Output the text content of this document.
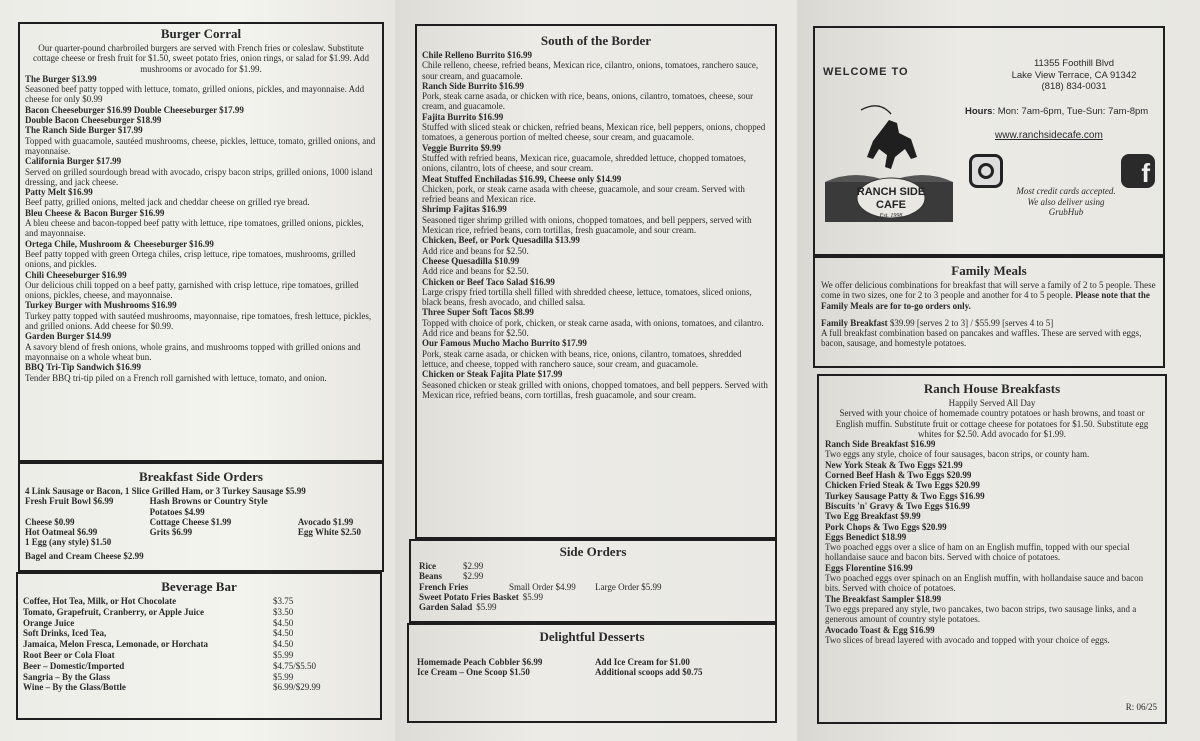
Burger Corral
Our quarter-pound charbroiled burgers are served with French fries or coleslaw. Substitute cottage cheese or fresh fruit for $1.50, sweet potato fries, onion rings, or salad for $1.99. Add mushrooms or avocado for $1.99.
The Burger $13.99
Seasoned beef patty topped with lettuce, tomato, grilled onions, pickles, and mayonnaise. Add cheese for only $0.99
Bacon Cheeseburger $16.99 Double Cheeseburger $17.99
Double Bacon Cheeseburger $18.99
The Ranch Side Burger $17.99
Topped with guacamole, sautéed mushrooms, cheese, pickles, lettuce, tomato, grilled onions, and mayonnaise.
California Burger $17.99
Served on grilled sourdough bread with avocado, crispy bacon strips, grilled onions, 1000 island dressing, and jack cheese.
Patty Melt $16.99
Beef patty, grilled onions, melted jack and cheddar cheese on grilled rye bread.
Bleu Cheese & Bacon Burger $16.99
A bleu cheese and bacon-topped beef patty with lettuce, ripe tomatoes, grilled onions, pickles, and mayonnaise.
Ortega Chile, Mushroom & Cheeseburger $16.99
Beef patty topped with green Ortega chiles, crisp lettuce, ripe tomatoes, mushrooms, grilled onions, and pickles.
Chili Cheeseburger $16.99
Our delicious chili topped on a beef patty, garnished with crisp lettuce, ripe tomatoes, grilled onions, pickles, cheese, and mayonnaise.
Turkey Burger with Mushrooms $16.99
Turkey patty topped with sautéed mushrooms, mayonnaise, ripe tomatoes, fresh lettuce, pickles, and grilled onions. Add cheese for $0.99.
Garden Burger $14.99
A savory blend of fresh onions, whole grains, and mushrooms topped with grilled onions and mayonnaise on a whole wheat bun.
BBQ Tri-Tip Sandwich $16.99
Tender BBQ tri-tip piled on a French roll garnished with lettuce, tomato, and onion.
Breakfast Side Orders
4 Link Sausage or Bacon, 1 Slice Grilled Ham, or 3 Turkey Sausage $5.99
Fresh Fruit Bowl $6.99	Hash Browns or Country Style Potatoes $4.99
Cheese $0.99	Cottage Cheese $1.99	Avocado $1.99
Hot Oatmeal $6.99	Grits $6.99	Egg White $2.50
1 Egg (any style) $1.50
Bagel and Cream Cheese $2.99
Beverage Bar
Coffee, Hot Tea, Milk, or Hot Chocolate	$3.75
Tomato, Grapefruit, Cranberry, or Apple Juice	$3.50
Orange Juice	$4.50
Soft Drinks, Iced Tea,	$4.50
Jamaica, Melon Fresca, Lemonade, or Horchata	$4.50
Root Beer or Cola Float	$5.99
Beer – Domestic/Imported	$4.75/$5.50
Sangria – By the Glass	$5.99
Wine – By the Glass/Bottle	$6.99/$29.99
South of the Border
Chile Relleno Burrito $16.99
Chile relleno, cheese, refried beans, Mexican rice, cilantro, onions, tomatoes, ranchero sauce, sour cream, and guacamole.
Ranch Side Burrito $16.99
Pork, steak carne asada, or chicken with rice, beans, onions, cilantro, tomatoes, cheese, sour cream, and guacamole.
Fajita Burrito $16.99
Stuffed with sliced steak or chicken, refried beans, Mexican rice, bell peppers, onions, chopped tomatoes, a generous portion of melted cheese, sour cream, and guacamole.
Veggie Burrito $9.99
Stuffed with refried beans, Mexican rice, guacamole, shredded lettuce, chopped tomatoes, onions, cilantro, lots of cheese, and sour cream.
Meat Stuffed Enchiladas $16.99, Cheese only $14.99
Chicken, pork, or steak carne asada with cheese, guacamole, and sour cream. Served with refried beans and Mexican rice.
Shrimp Fajitas $16.99
Seasoned tiger shrimp grilled with onions, chopped tomatoes, and bell peppers, served with Mexican rice, refried beans, corn tortillas, fresh guacamole, and sour cream.
Chicken, Beef, or Pork Quesadilla $13.99
Add rice and beans for $2.50.
Cheese Quesadilla $10.99
Add rice and beans for $2.50.
Chicken or Beef Taco Salad $16.99
Large crispy fried tortilla shell filled with shredded cheese, lettuce, tomatoes, sliced onions, black beans, fresh avocado, and chilled salsa.
Three Super Soft Tacos $8.99
Topped with choice of pork, chicken, or steak carne asada, with onions, tomatoes, and cilantro. Add rice and beans for $2.50.
Our Famous Mucho Macho Burrito $17.99
Pork, steak carne asada, or chicken with beans, rice, onions, cilantro, tomatoes, shredded lettuce, and cheese, topped with ranchero sauce, sour cream, and guacamole.
Chicken or Steak Fajita Plate $17.99
Seasoned chicken or steak grilled with onions, chopped tomatoes, and bell peppers. Served with Mexican rice, refried beans, corn tortillas, fresh guacamole, and sour cream.
Side Orders
Rice	$2.99
Beans	$2.99
French Fries	Small Order $4.99	Large Order $5.99
Sweet Potato Fries Basket $5.99
Garden Salad $5.99
Delightful Desserts
Homemade Peach Cobbler $6.99	Add Ice Cream for $1.00
Ice Cream – One Scoop $1.50	Additional scoops add $0.75
WELCOME TO
RANCH SIDE
CAFE
Est. 1998
11355 Foothill Blvd
Lake View Terrace, CA 91342
(818) 834-0031
Hours: Mon: 7am-6pm, Tue-Sun: 7am-8pm
www.ranchsidecafe.com
f
Most credit cards accepted.
We also deliver using
GrubHub
Family Meals
We offer delicious combinations for breakfast that will serve a family of 2 to 5 people. These come in two sizes, one for 2 to 3 people and another for 4 to 5 people. Please note that the Family Meals are for to-go orders only.
Family Breakfast $39.99 [serves 2 to 3] / $55.99 [serves 4 to 5]
A full breakfast combination based on pancakes and waffles. These are served with eggs, bacon, sausage, and homestyle potatoes.
Ranch House Breakfasts
Happily Served All Day
Served with your choice of homemade country potatoes or hash browns, and toast or English muffin. Substitute fruit or cottage cheese for potatoes for $1.50. Substitute egg whites for $2.50. Add avocado for $1.99.
Ranch Side Breakfast $16.99
Two eggs any style, choice of four sausages, bacon strips, or county ham.
New York Steak & Two Eggs $21.99
Corned Beef Hash & Two Eggs $20.99
Chicken Fried Steak & Two Eggs $20.99
Turkey Sausage Patty & Two Eggs $16.99
Biscuits 'n' Gravy & Two Eggs $16.99
Two Egg Breakfast $9.99
Pork Chops & Two Eggs $20.99
Eggs Benedict $18.99
Two poached eggs over a slice of ham on an English muffin, topped with our special hollandaise sauce and bacon bits. Served with choice of potatoes.
Eggs Florentine $16.99
Two poached eggs over spinach on an English muffin, with hollandaise sauce and bacon bits. Served with choice of potatoes.
The Breakfast Sampler $18.99
Two eggs prepared any style, two pancakes, two bacon strips, two sausage links, and a generous amount of country style potatoes.
Avocado Toast & Egg $16.99
Two slices of bread layered with avocado and topped with your choice of eggs.
R: 06/25
